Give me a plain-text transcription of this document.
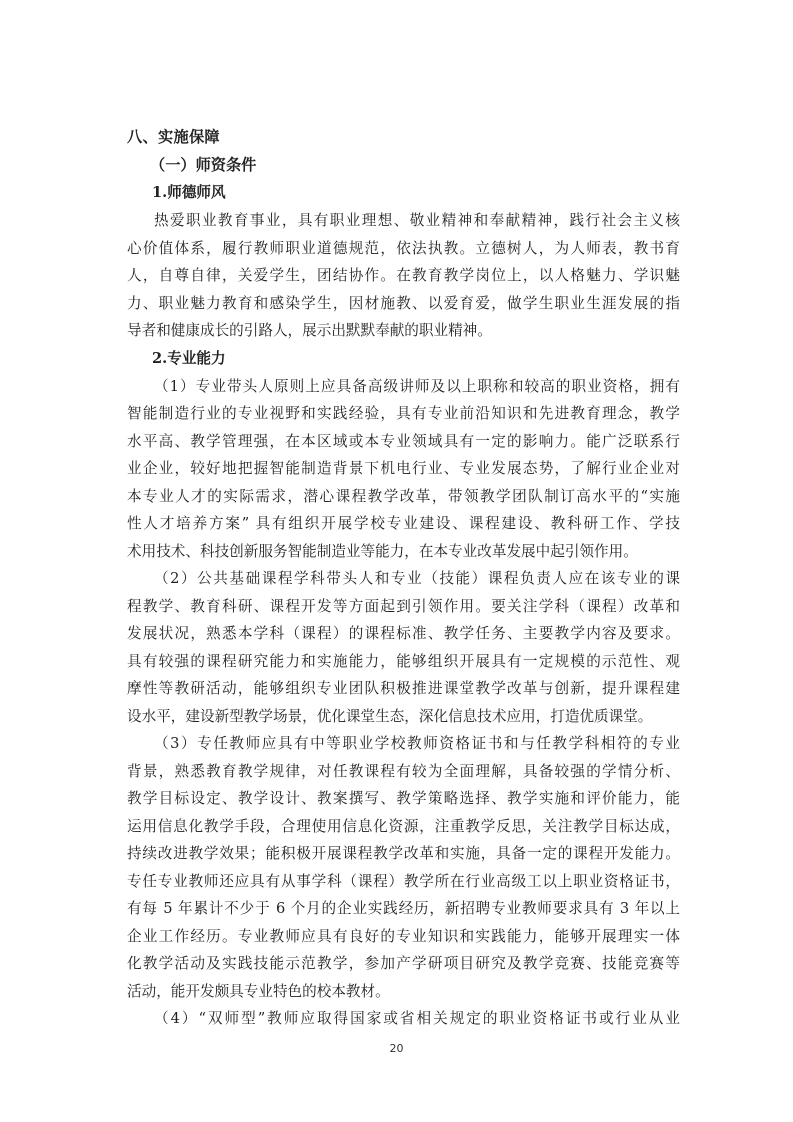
八、实施保障
（一）师资条件
1.师德师风
热爱职业教育事业，具有职业理想、敬业精神和奉献精神，践行社会主义核
心价值体系，履行教师职业道德规范，依法执教。立德树人，为人师表，教书育
人，自尊自律，关爱学生，团结协作。在教育教学岗位上，以人格魅力、学识魅
力、职业魅力教育和感染学生，因材施教、以爱育爱，做学生职业生涯发展的指
导者和健康成长的引路人，展示出默默奉献的职业精神。
2.专业能力
（1）专业带头人原则上应具备高级讲师及以上职称和较高的职业资格，拥有
智能制造行业的专业视野和实践经验，具有专业前沿知识和先进教育理念，教学
水平高、教学管理强，在本区域或本专业领域具有一定的影响力。能广泛联系行
业企业，较好地把握智能制造背景下机电行业、专业发展态势，了解行业企业对
本专业人才的实际需求，潜心课程教学改革，带领教学团队制订高水平的“实施
性人才培养方案” 具有组织开展学校专业建设、课程建设、教科研工作、学技
术用技术、科技创新服务智能制造业等能力，在本专业改革发展中起引领作用。
（2）公共基础课程学科带头人和专业（技能）课程负责人应在该专业的课
程教学、教育科研、课程开发等方面起到引领作用。要关注学科（课程）改革和
发展状况，熟悉本学科（课程）的课程标准、教学任务、主要教学内容及要求。
具有较强的课程研究能力和实施能力，能够组织开展具有一定规模的示范性、观
摩性等教研活动，能够组织专业团队积极推进课堂教学改革与创新，提升课程建
设水平，建设新型教学场景，优化课堂生态，深化信息技术应用，打造优质课堂。
（3）专任教师应具有中等职业学校教师资格证书和与任教学科相符的专业
背景，熟悉教育教学规律，对任教课程有较为全面理解，具备较强的学情分析、
教学目标设定、教学设计、教案撰写、教学策略选择、教学实施和评价能力，能
运用信息化教学手段，合理使用信息化资源，注重教学反思，关注教学目标达成，
持续改进教学效果；能积极开展课程教学改革和实施，具备一定的课程开发能力。
专任专业教师还应具有从事学科（课程）教学所在行业高级工以上职业资格证书，
有每 5 年累计不少于 6 个月的企业实践经历，新招聘专业教师要求具有 3 年以上
企业工作经历。专业教师应具有良好的专业知识和实践能力，能够开展理实一体
化教学活动及实践技能示范教学，参加产学研项目研究及教学竞赛、技能竞赛等
活动，能开发颇具专业特色的校本教材。
（4）“双师型”教师应取得国家或省相关规定的职业资格证书或行业从业
20
